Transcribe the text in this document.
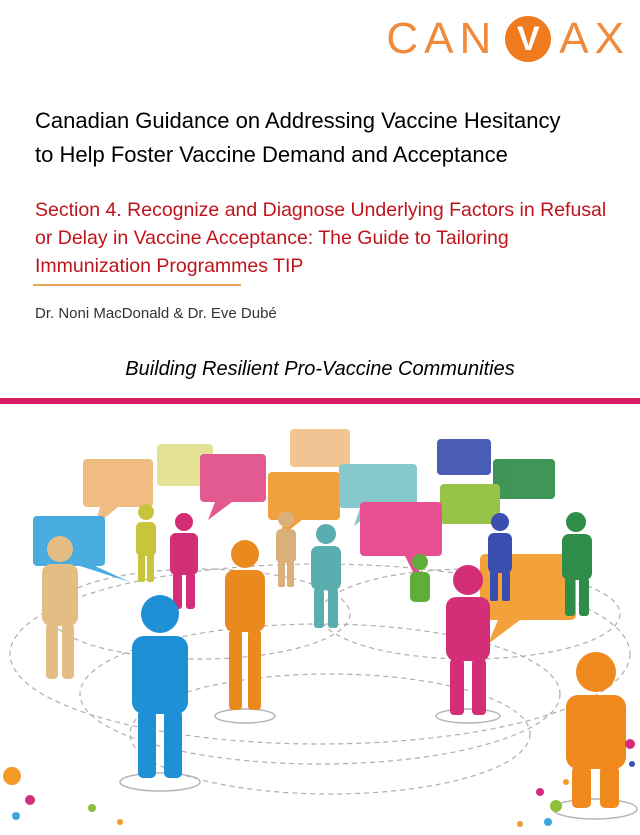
CAN V AX
Canadian Guidance on Addressing Vaccine Hesitancy
to Help Foster Vaccine Demand and Acceptance
Section 4. Recognize and Diagnose Underlying Factors in Refusal
or Delay in Vaccine Acceptance: The Guide to Tailoring
Immunization Programmes TIP
Dr. Noni MacDonald & Dr. Eve Dubé
Building Resilient Pro-Vaccine Communities
